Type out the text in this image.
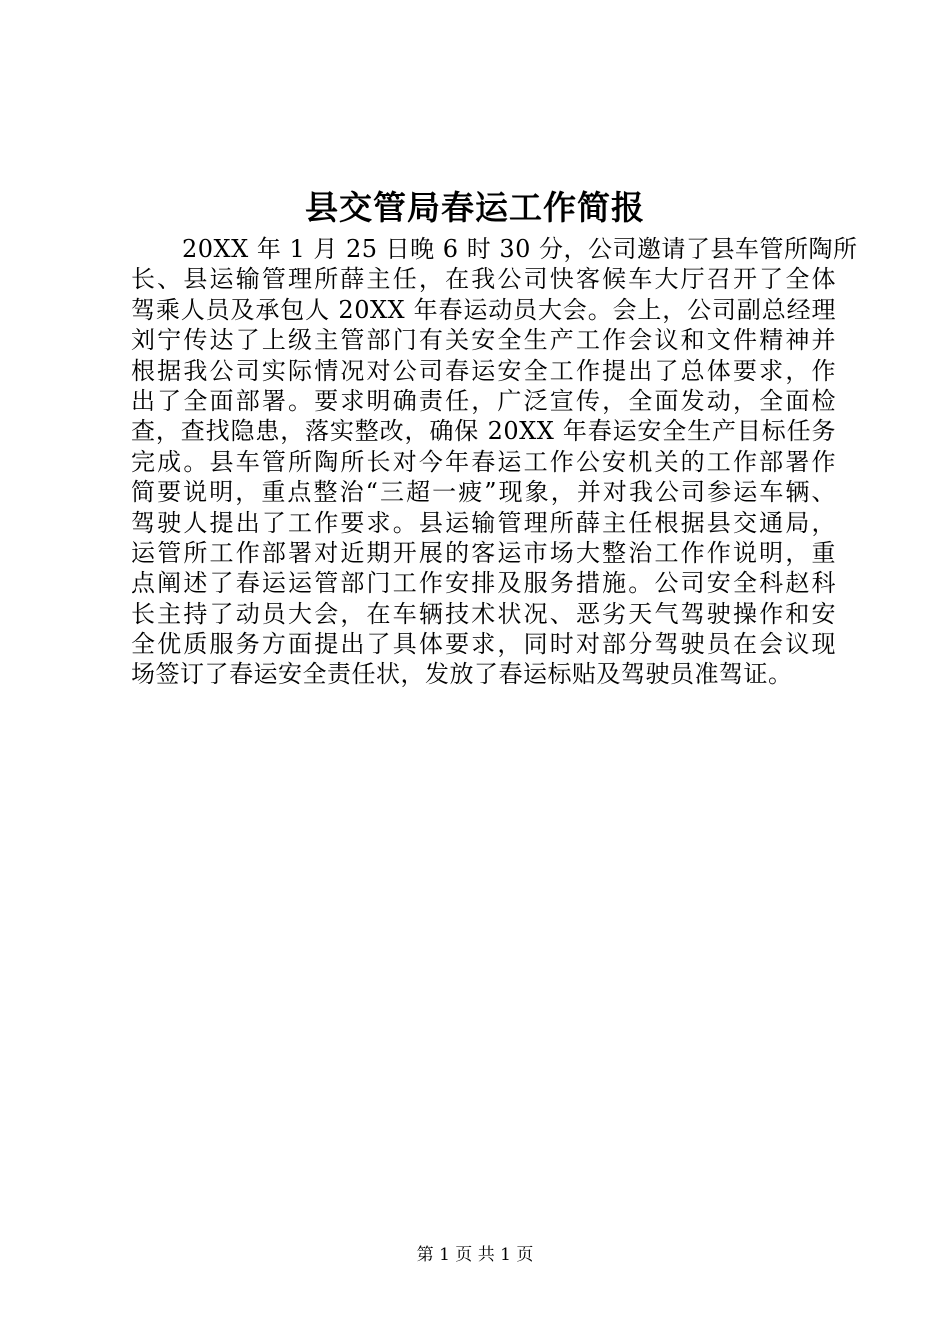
县交管局春运工作简报
20XX 年 1 月 25 日晚 6 时 30 分，公司邀请了县车管所陶所
长、县运输管理所薛主任，在我公司快客候车大厅召开了全体
驾乘人员及承包人 20XX 年春运动员大会。会上，公司副总经理
刘宁传达了上级主管部门有关安全生产工作会议和文件精神并
根据我公司实际情况对公司春运安全工作提出了总体要求，作
出了全面部署。要求明确责任，广泛宣传，全面发动，全面检
查，查找隐患，落实整改，确保 20XX 年春运安全生产目标任务
完成。县车管所陶所长对今年春运工作公安机关的工作部署作
简要说明，重点整治“三超一疲”现象，并对我公司参运车辆、
驾驶人提出了工作要求。县运输管理所薛主任根据县交通局，
运管所工作部署对近期开展的客运市场大整治工作作说明，重
点阐述了春运运管部门工作安排及服务措施。公司安全科赵科
长主持了动员大会，在车辆技术状况、恶劣天气驾驶操作和安
全优质服务方面提出了具体要求，同时对部分驾驶员在会议现
场签订了春运安全责任状，发放了春运标贴及驾驶员准驾证。
第 1 页 共 1 页
